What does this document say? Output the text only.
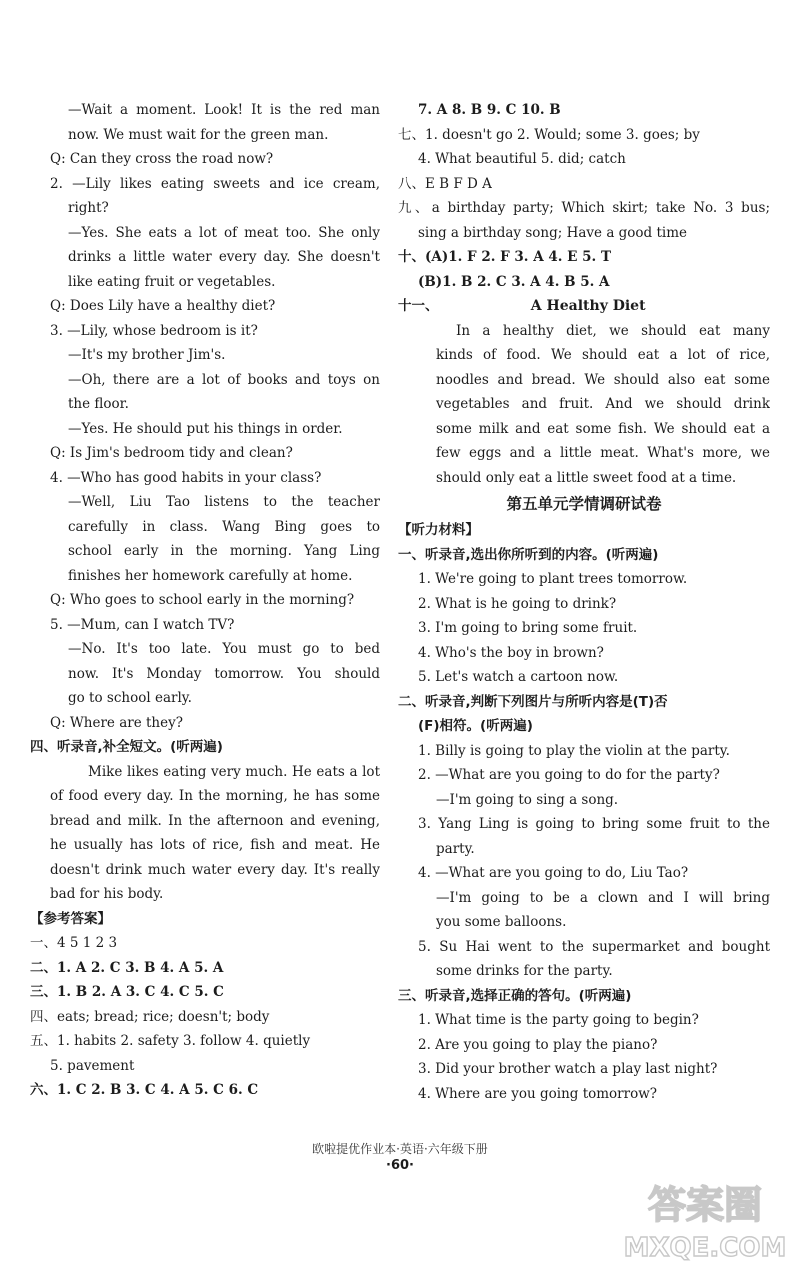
—Wait a moment. Look! It is the red man
now. We must wait for the green man.
Q: Can they cross the road now?
2. —Lily likes eating sweets and ice cream,
right?
—Yes. She eats a lot of meat too. She only
drinks a little water every day. She doesn't
like eating fruit or vegetables.
Q: Does Lily have a healthy diet?
3. —Lily, whose bedroom is it?
—It's my brother Jim's.
—Oh, there are a lot of books and toys on
the floor.
—Yes. He should put his things in order.
Q: Is Jim's bedroom tidy and clean?
4. —Who has good habits in your class?
—Well, Liu Tao listens to the teacher
carefully in class. Wang Bing goes to
school early in the morning. Yang Ling
finishes her homework carefully at home.
Q: Who goes to school early in the morning?
5. —Mum, can I watch TV?
—No. It's too late. You must go to bed
now. It's Monday tomorrow. You should
go to school early.
Q: Where are they?
四、听录音,补全短文。(听两遍)
Mike likes eating very much. He eats a lot
of food every day. In the morning, he has some
bread and milk. In the afternoon and evening,
he usually has lots of rice, fish and meat. He
doesn't drink much water every day. It's really
bad for his body.
【参考答案】
一、4 5 1 2 3
二、1. A 2. C 3. B 4. A 5. A
三、1. B 2. A 3. C 4. C 5. C
四、eats; bread; rice; doesn't; body
五、1. habits 2. safety 3. follow 4. quietly
5. pavement
六、1. C 2. B 3. C 4. A 5. C 6. C
7. A 8. B 9. C 10. B
七、1. doesn't go 2. Would; some 3. goes; by
4. What beautiful 5. did; catch
八、E B F D A
九、a birthday party; Which skirt; take No. 3 bus;
sing a birthday song; Have a good time
十、(A)1. F 2. F 3. A 4. E 5. T
(B)1. B 2. C 3. A 4. B 5. A
十一、	A Healthy Diet
In a healthy diet, we should eat many
kinds of food. We should eat a lot of rice,
noodles and bread. We should also eat some
vegetables and fruit. And we should drink
some milk and eat some fish. We should eat a
few eggs and a little meat. What's more, we
should only eat a little sweet food at a time.
第五单元学情调研试卷
【听力材料】
一、听录音,选出你所听到的内容。(听两遍)
1. We're going to plant trees tomorrow.
2. What is he going to drink?
3. I'm going to bring some fruit.
4. Who's the boy in brown?
5. Let's watch a cartoon now.
二、听录音,判断下列图片与所听内容是(T)否
(F)相符。(听两遍)
1. Billy is going to play the violin at the party.
2. —What are you going to do for the party?
—I'm going to sing a song.
3. Yang Ling is going to bring some fruit to the
party.
4. —What are you going to do, Liu Tao?
—I'm going to be a clown and I will bring
you some balloons.
5. Su Hai went to the supermarket and bought
some drinks for the party.
三、听录音,选择正确的答句。(听两遍)
1. What time is the party going to begin?
2. Are you going to play the piano?
3. Did your brother watch a play last night?
4. Where are you going tomorrow?
欧啦提优作业本·英语·六年级下册
·60·
答案圈
MXQE.COM
